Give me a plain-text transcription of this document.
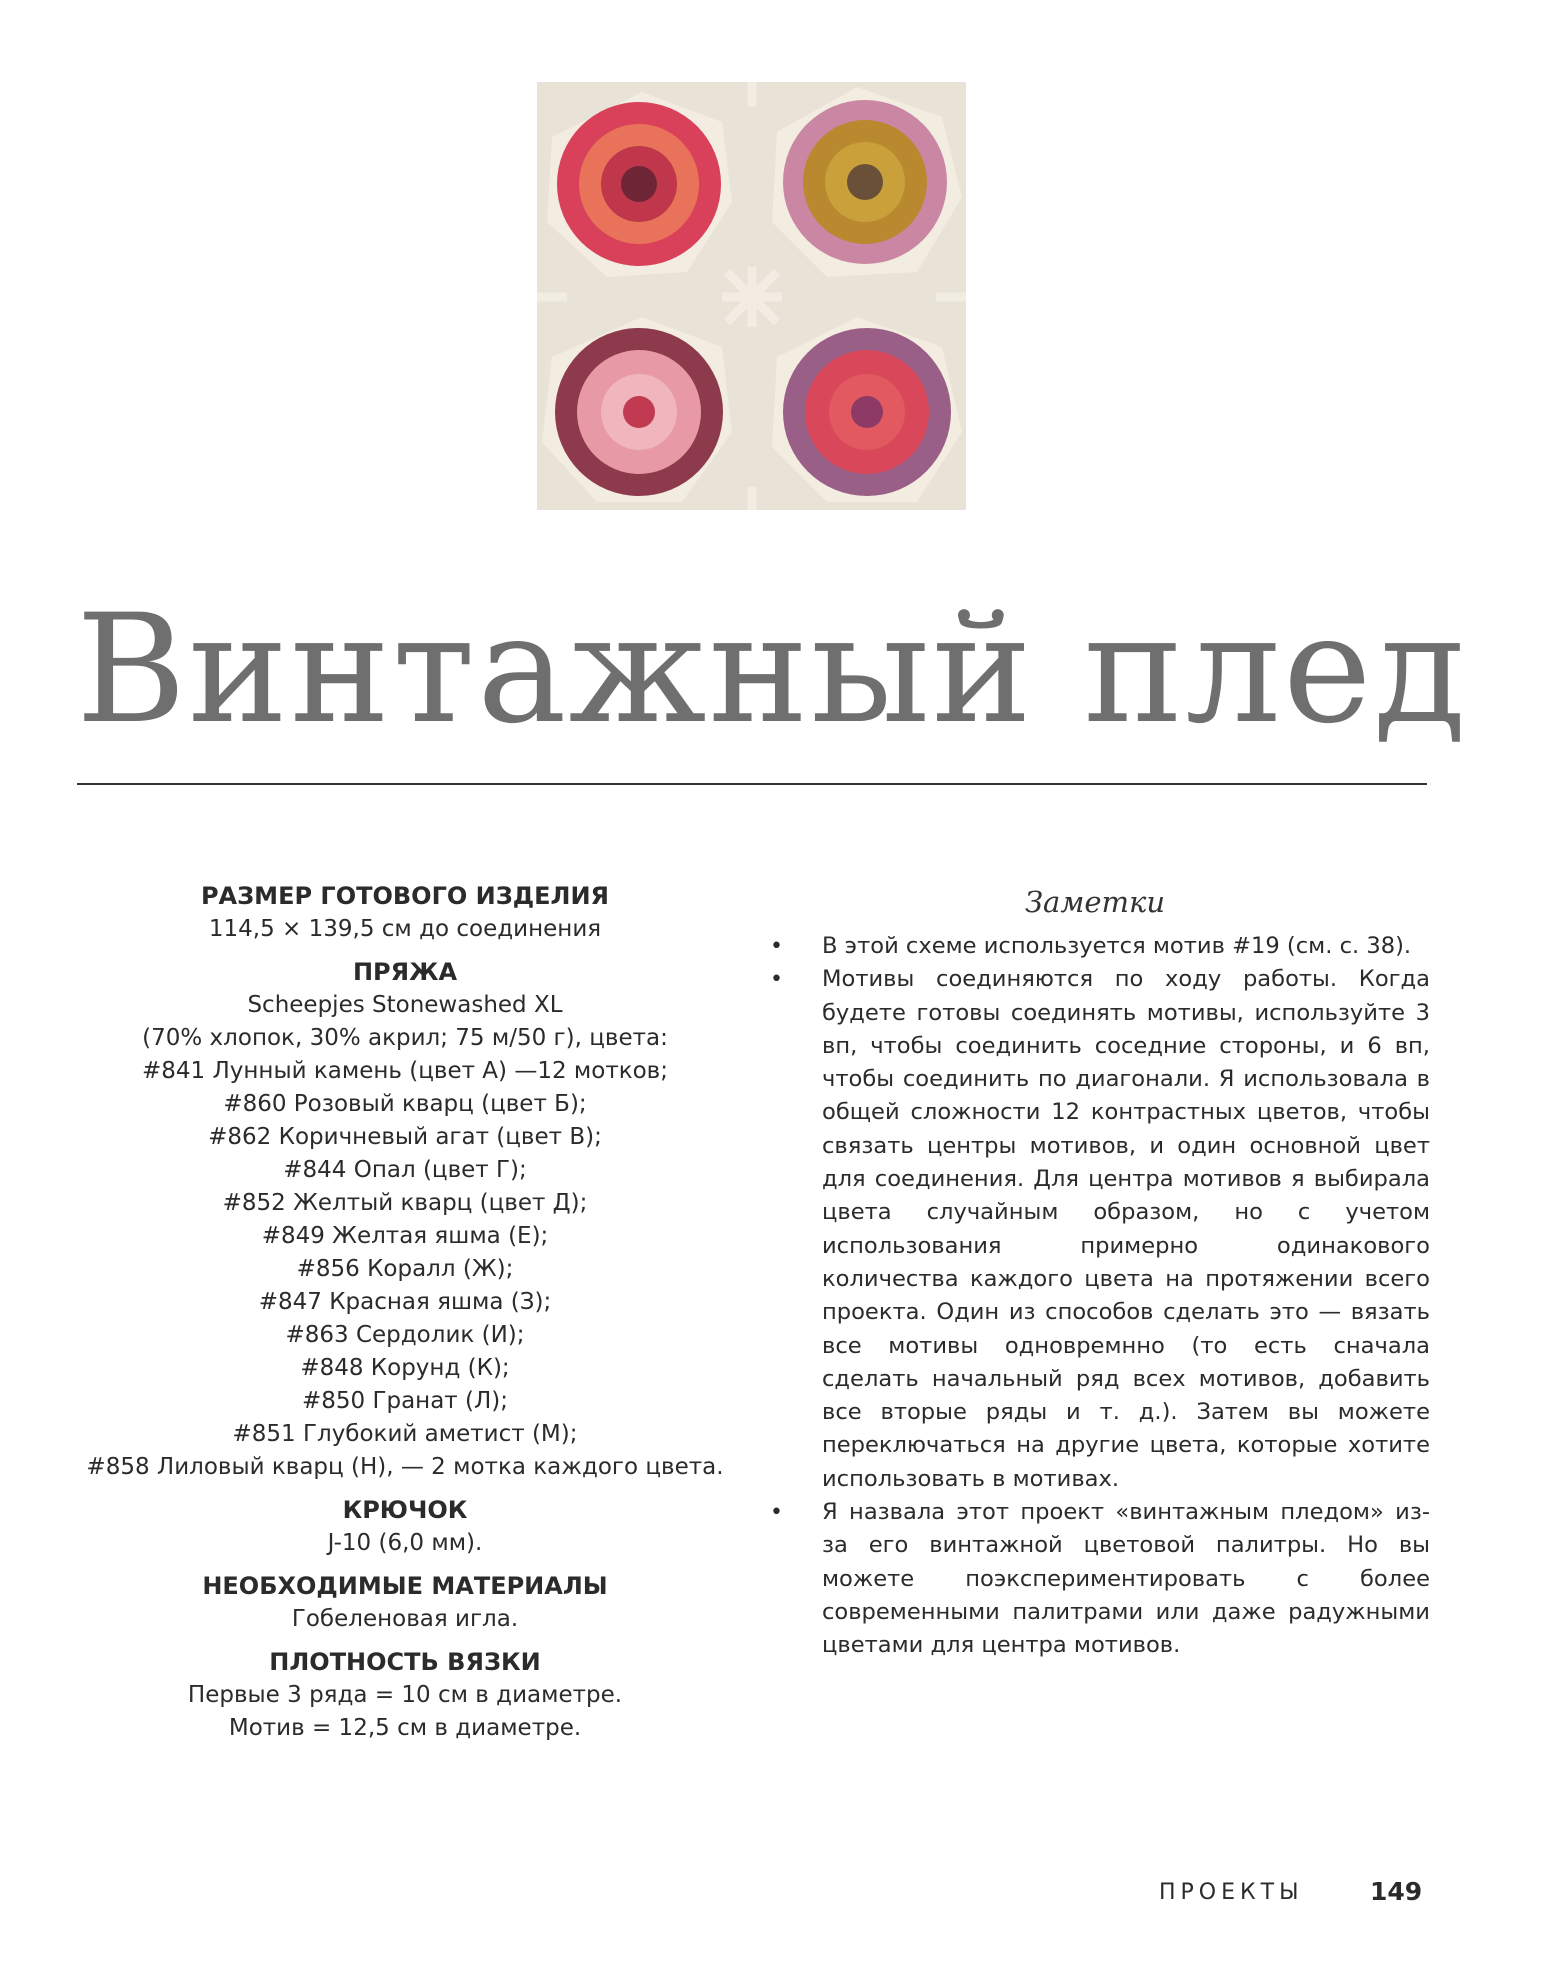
Винтажный плед
РАЗМЕР ГОТОВОГО ИЗДЕЛИЯ
114,5 × 139,5 см до соединения
ПРЯЖА
Scheepjes Stonewashed XL
(70% хлопок, 30% акрил; 75 м/50 г), цвета:
#841 Лунный камень (цвет А) —12 мотков;
#860 Розовый кварц (цвет Б);
#862 Коричневый агат (цвет В);
#844 Опал (цвет Г);
#852 Желтый кварц (цвет Д);
#849 Желтая яшма (Е);
#856 Коралл (Ж);
#847 Красная яшма (З);
#863 Сердолик (И);
#848 Корунд (К);
#850 Гранат (Л);
#851 Глубокий аметист (М);
#858 Лиловый кварц (Н), — 2 мотка каждого цвета.
КРЮЧОК
J-10 (6,0 мм).
НЕОБХОДИМЫЕ МАТЕРИАЛЫ
Гобеленовая игла.
ПЛОТНОСТЬ ВЯЗКИ
Первые 3 ряда = 10 см в диаметре.
Мотив = 12,5 см в диаметре.
Заметки
• В этой схеме используется мотив #19 (см. с. 38).
• Мотивы соединяются по ходу работы. Когда будете готовы соединять мотивы, используйте 3 вп, чтобы соединить соседние стороны, и 6 вп, чтобы соединить по диагонали. Я использовала в общей сложности 12 контрастных цветов, чтобы связать центры мотивов, и один основной цвет для соединения. Для центра мотивов я выбирала цвета случайным образом, но с учетом использования примерно одинакового количества каждого цвета на протяжении всего проекта. Один из способов сделать это — вязать все мотивы одновремнно (то есть сначала сделать начальный ряд всех мотивов, добавить все вторые ряды и т. д.). Затем вы можете переключаться на другие цвета, которые хотите использовать в мотивах.
• Я назвала этот проект «винтажным пледом» из-за его винтажной цветовой палитры. Но вы можете поэкспериментировать с более современными палитрами или даже радужными цветами для центра мотивов.
ПРОЕКТЫ	149
